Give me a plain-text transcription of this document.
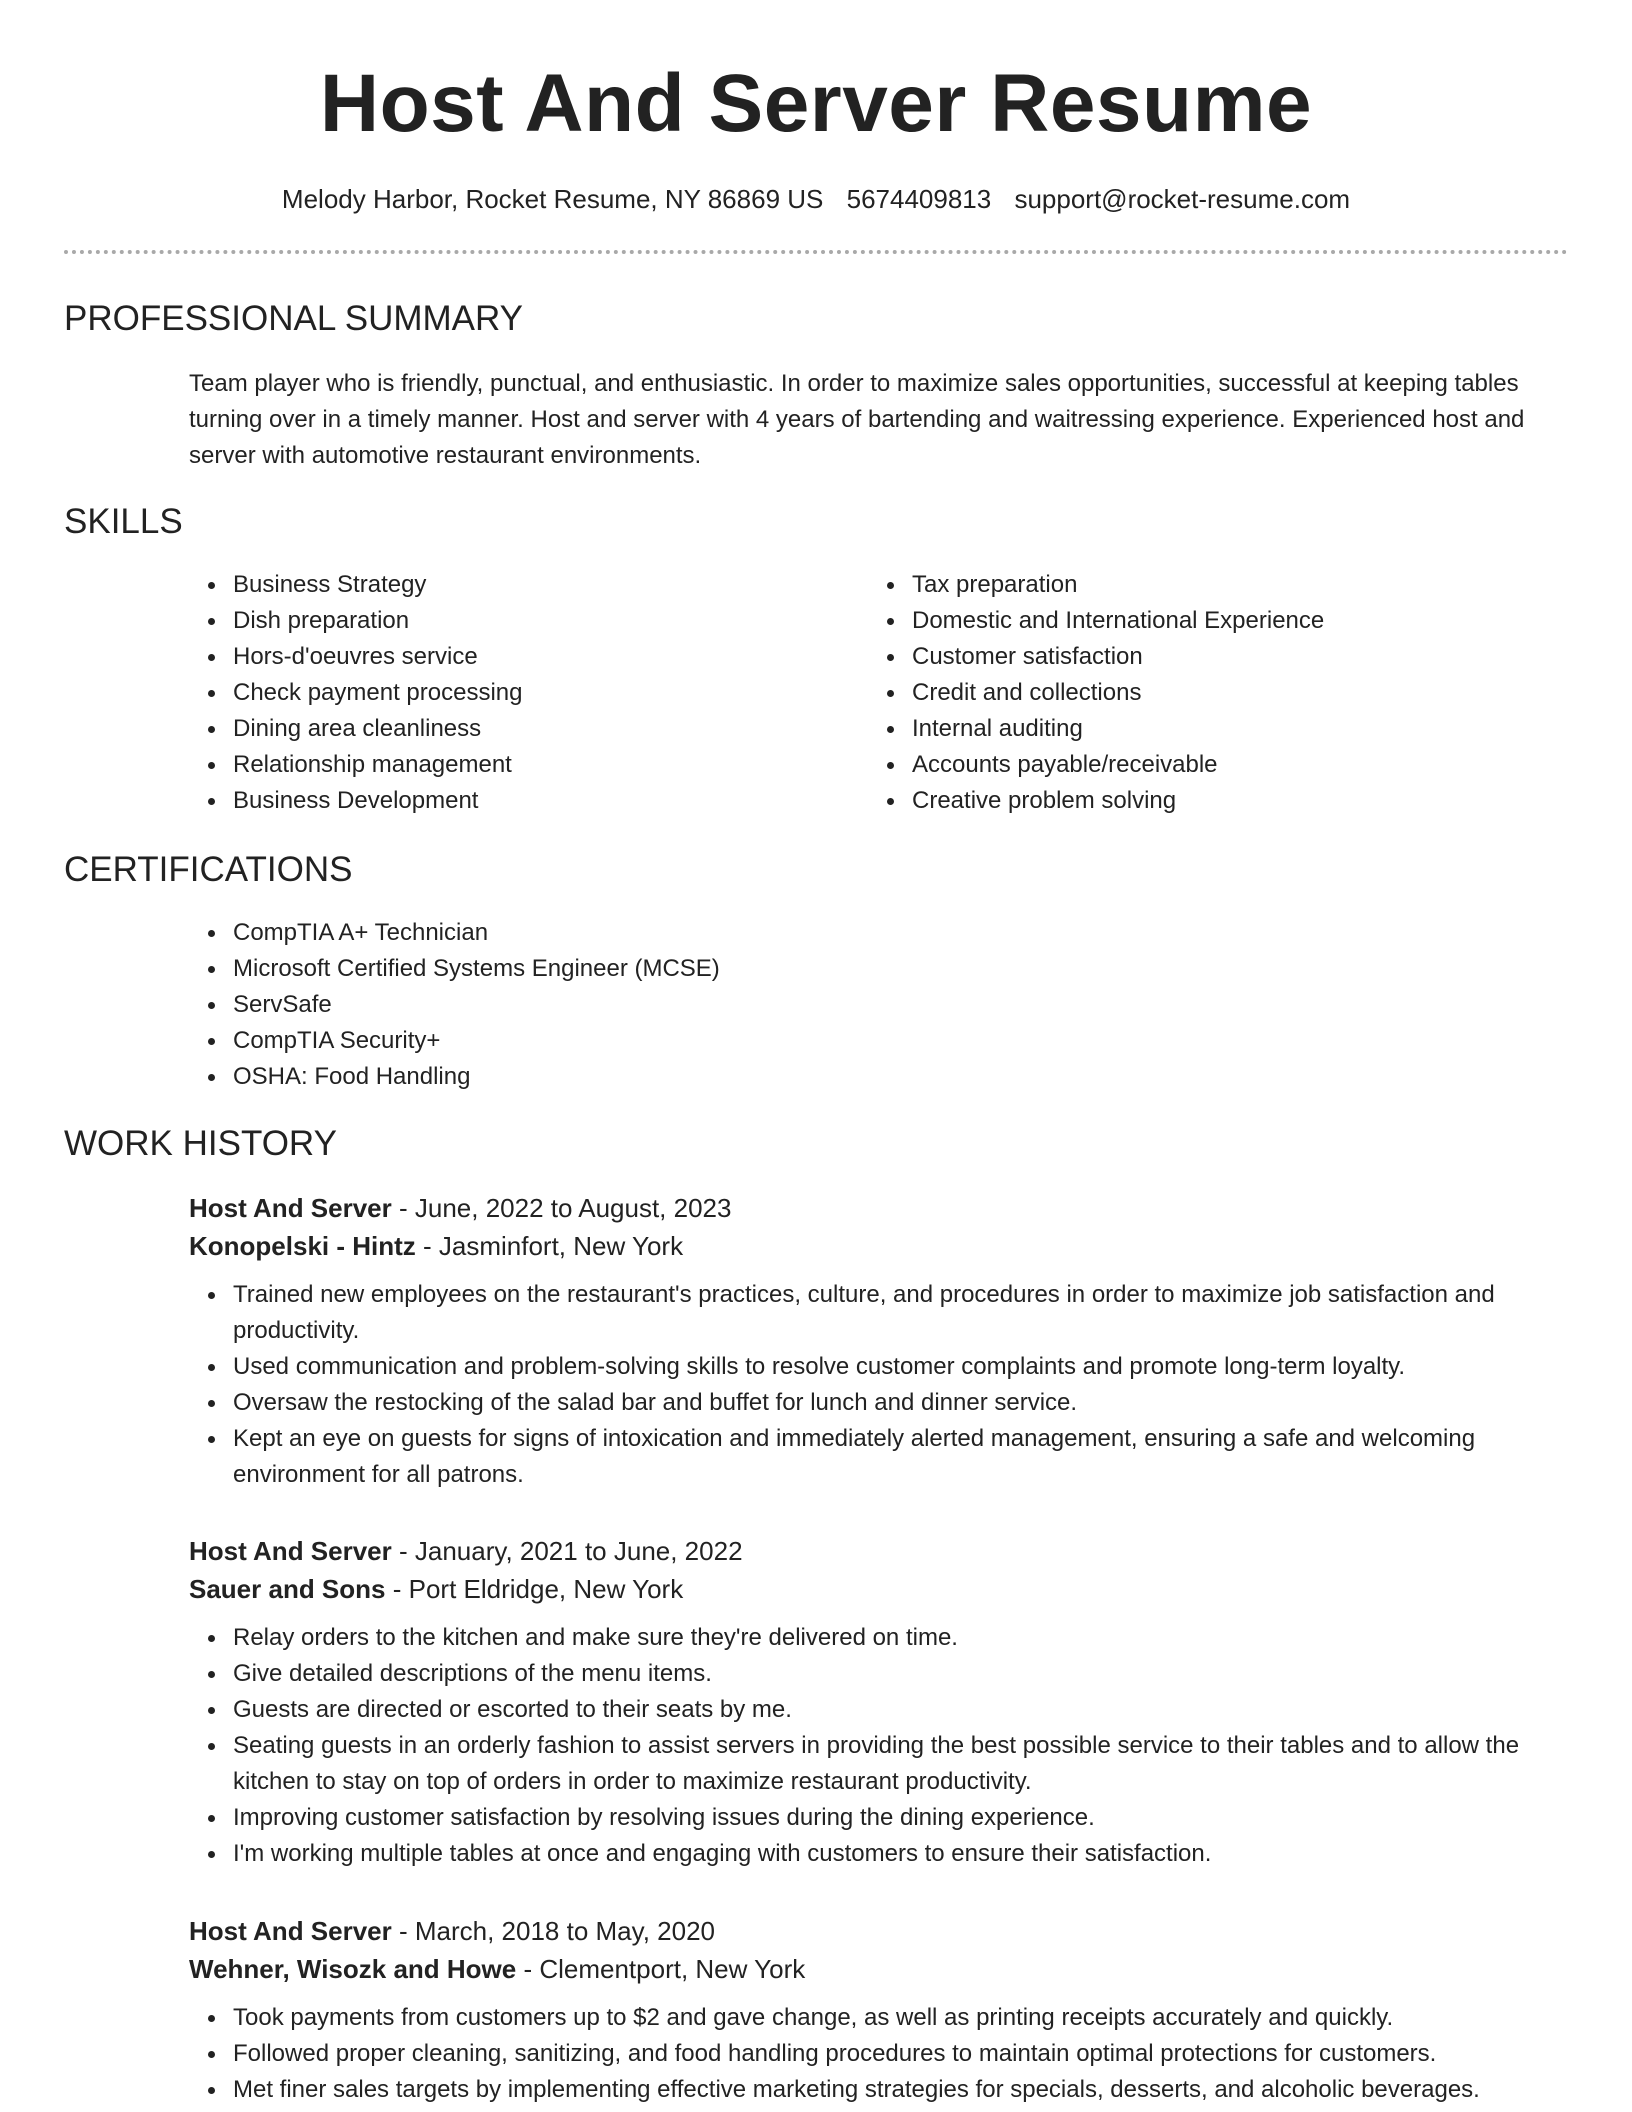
Host And Server Resume
Melody Harbor, Rocket Resume, NY 86869 US 5674409813 support@rocket-resume.com
PROFESSIONAL SUMMARY

Team player who is friendly, punctual, and enthusiastic. In order to maximize sales opportunities, successful at keeping tables turning over in a timely manner. Host and server with 4 years of bartending and waitressing experience. Experienced host and server with automotive restaurant environments.

SKILLS
Business Strategy
Dish preparation
Hors-d'oeuvres service
Check payment processing
Dining area cleanliness
Relationship management
Business Development
Tax preparation
Domestic and International Experience
Customer satisfaction
Credit and collections
Internal auditing
Accounts payable/receivable
Creative problem solving
CERTIFICATIONS
CompTIA A+ Technician
Microsoft Certified Systems Engineer (MCSE)
ServSafe
CompTIA Security+
OSHA: Food Handling
WORK HISTORY
Host And Server - June, 2022 to August, 2023
Konopelski - Hintz - Jasminfort, New York
Trained new employees on the restaurant's practices, culture, and procedures in order to maximize job satisfaction and productivity.
Used communication and problem-solving skills to resolve customer complaints and promote long-term loyalty.
Oversaw the restocking of the salad bar and buffet for lunch and dinner service.
Kept an eye on guests for signs of intoxication and immediately alerted management, ensuring a safe and welcoming environment for all patrons.
Host And Server - January, 2021 to June, 2022
Sauer and Sons - Port Eldridge, New York
Relay orders to the kitchen and make sure they're delivered on time.
Give detailed descriptions of the menu items.
Guests are directed or escorted to their seats by me.
Seating guests in an orderly fashion to assist servers in providing the best possible service to their tables and to allow the kitchen to stay on top of orders in order to maximize restaurant productivity.
Improving customer satisfaction by resolving issues during the dining experience.
I'm working multiple tables at once and engaging with customers to ensure their satisfaction.
Host And Server - March, 2018 to May, 2020
Wehner, Wisozk and Howe - Clementport, New York
Took payments from customers up to $2 and gave change, as well as printing receipts accurately and quickly.
Followed proper cleaning, sanitizing, and food handling procedures to maintain optimal protections for customers.
Met finer sales targets by implementing effective marketing strategies for specials, desserts, and alcoholic beverages.
